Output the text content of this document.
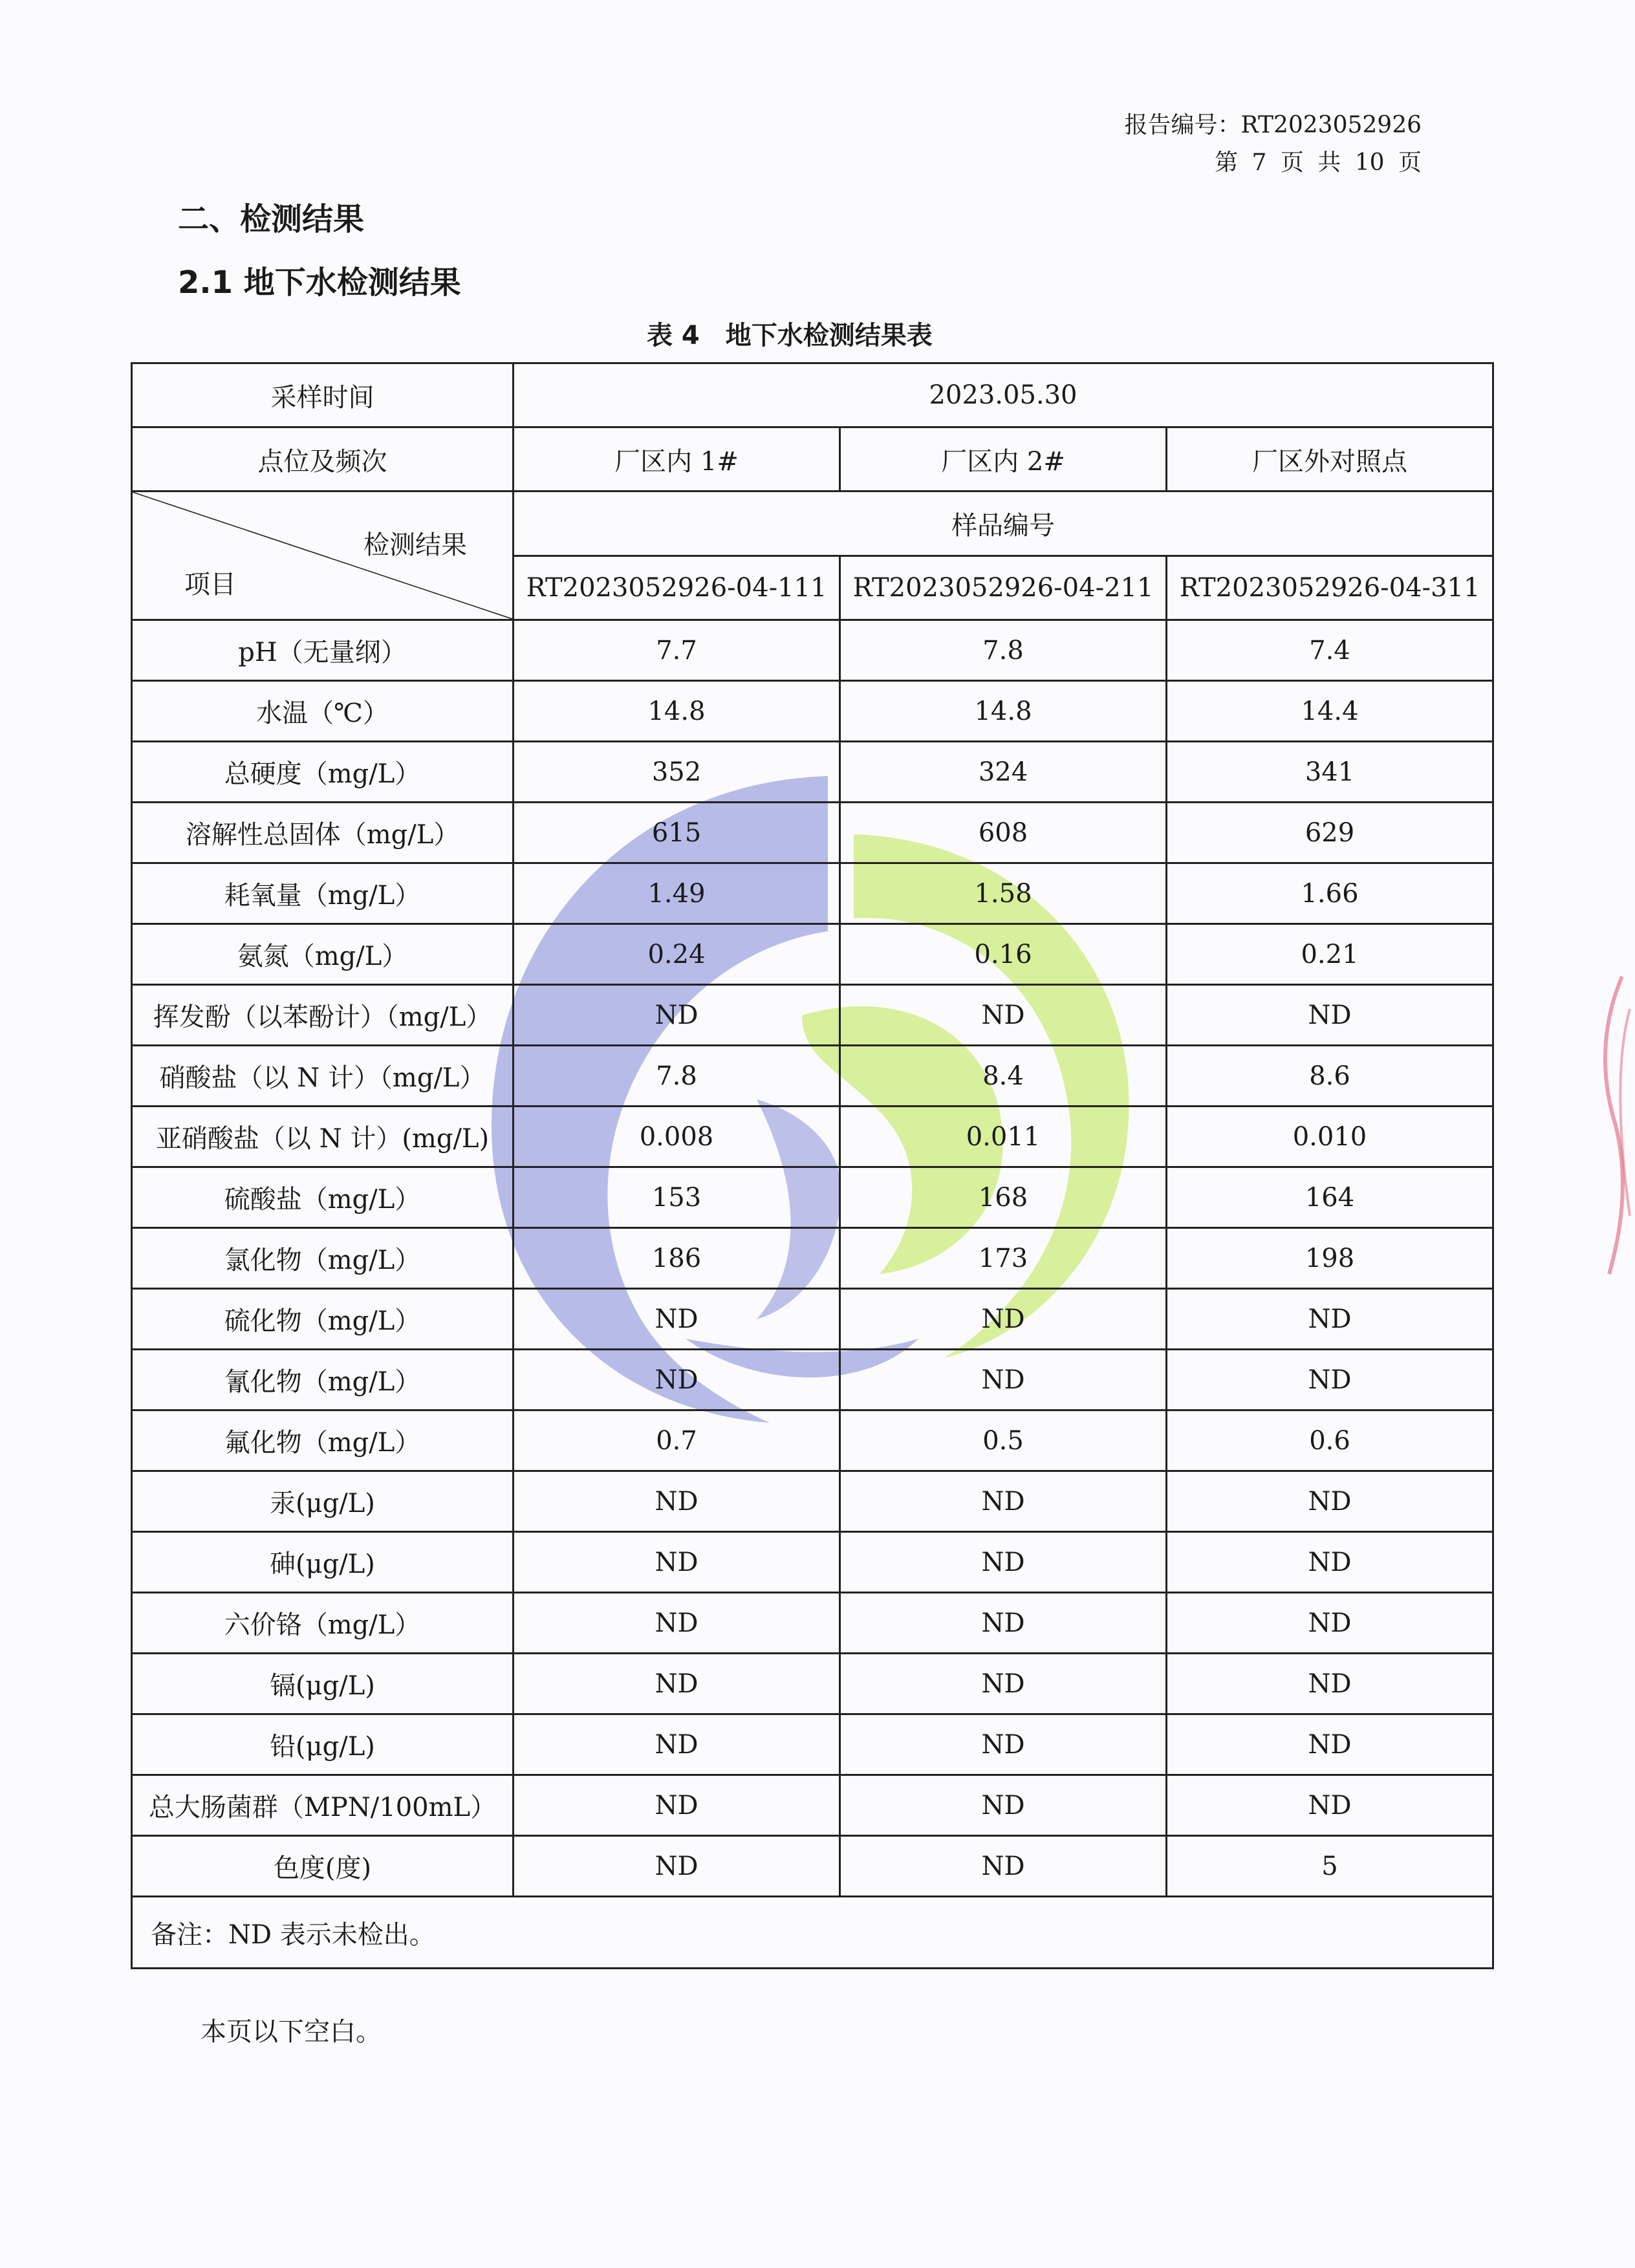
报告编号：RT2023052926
第 7 页 共 10 页
二、检测结果
2.1 地下水检测结果
表 4　地下水检测结果表
采样时间	2023.05.30		
点位及频次	厂区内 1#	厂区内 2#	厂区外对照点

检测结果
项目	样品编号		
	RT2023052926-04-111	RT2023052926-04-211	RT2023052926-04-311
pH（无量纲）	7.7	7.8	7.4
水温（℃）	14.8	14.8	14.4
总硬度（mg/L）	352	324	341
溶解性总固体（mg/L）	615	608	629
耗氧量（mg/L）	1.49	1.58	1.66
氨氮（mg/L）	0.24	0.16	0.21
挥发酚（以苯酚计）（mg/L）	ND	ND	ND
硝酸盐（以 N 计）（mg/L）	7.8	8.4	8.6
亚硝酸盐（以 N 计）(mg/L)	0.008	0.011	0.010
硫酸盐（mg/L）	153	168	164
氯化物（mg/L）	186	173	198
硫化物（mg/L）	ND	ND	ND
氰化物（mg/L）	ND	ND	ND
氟化物（mg/L）	0.7	0.5	0.6
汞(μg/L)	ND	ND	ND
砷(μg/L)	ND	ND	ND
六价铬（mg/L）	ND	ND	ND
镉(μg/L)	ND	ND	ND
铅(μg/L)	ND	ND	ND
总大肠菌群（MPN/100mL）	ND	ND	ND
色度(度)	ND	ND	5
备注：ND 表示未检出。			
本页以下空白。
